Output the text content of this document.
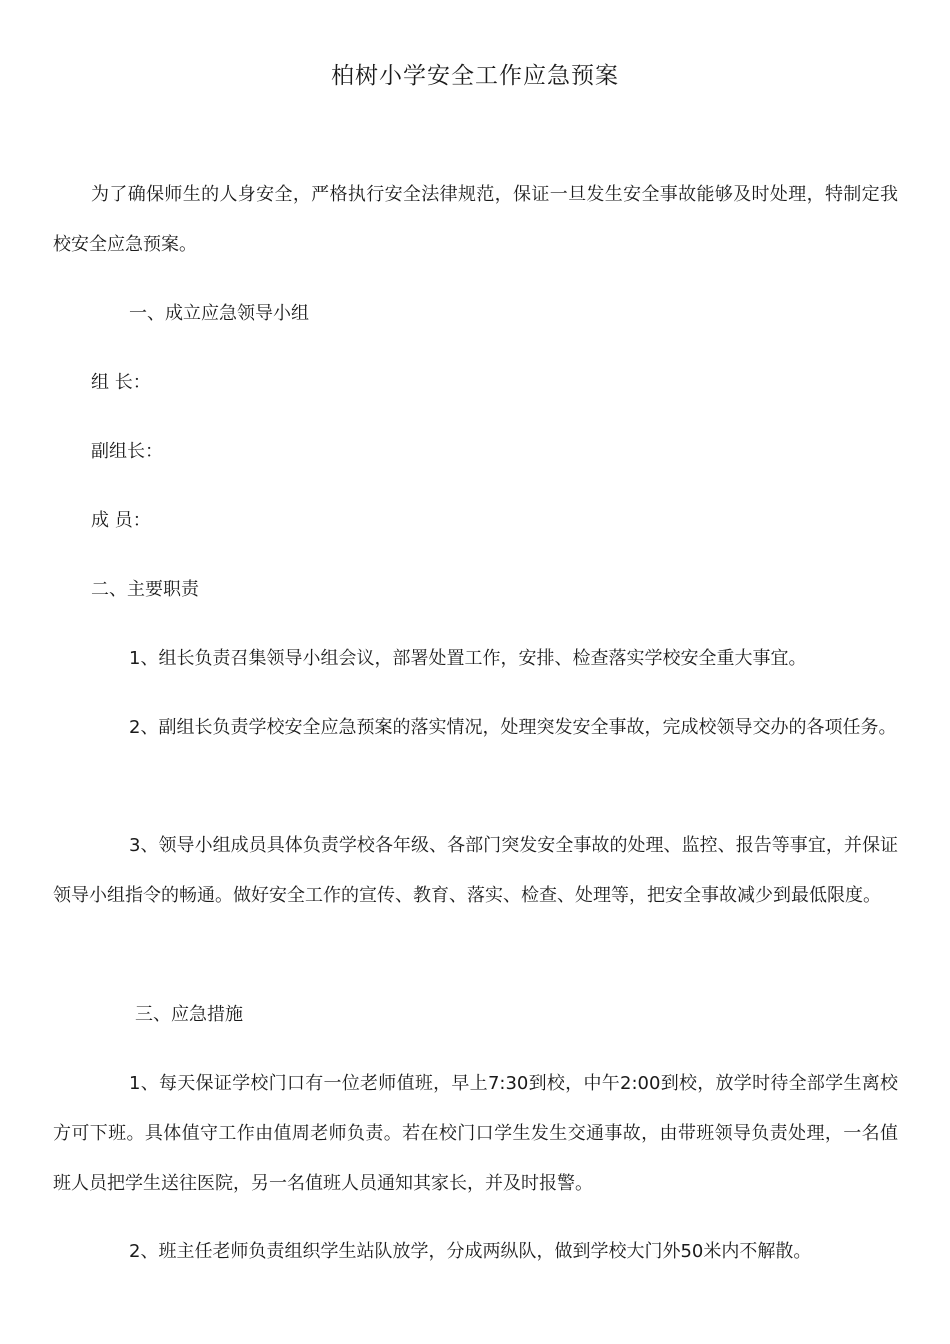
柏树小学安全工作应急预案

为了确保师生的人身安全，严格执行安全法律规范，保证一旦发生安全事故能够及时处理，特制定我校安全应急预案。

一、成立应急领导小组
组 长：
副组长：
成 员：
二、主要职责

1、组长负责召集领导小组会议，部署处置工作，安排、检查落实学校安全重大事宜。

2、副组长负责学校安全应急预案的落实情况，处理突发安全事故，完成校领导交办的各项任务。

3、领导小组成员具体负责学校各年级、各部门突发安全事故的处理、监控、报告等事宜，并保证领导小组指令的畅通。做好安全工作的宣传、教育、落实、检查、处理等，把安全事故减少到最低限度。

三、应急措施

1、每天保证学校门口有一位老师值班，早上7:30到校，中午2:00到校，放学时待全部学生离校方可下班。具体值守工作由值周老师负责。若在校门口学生发生交通事故，由带班领导负责处理，一名值班人员把学生送往医院，另一名值班人员通知其家长，并及时报警。

2、班主任老师负责组织学生站队放学，分成两纵队，做到学校大门外50米内不解散。
